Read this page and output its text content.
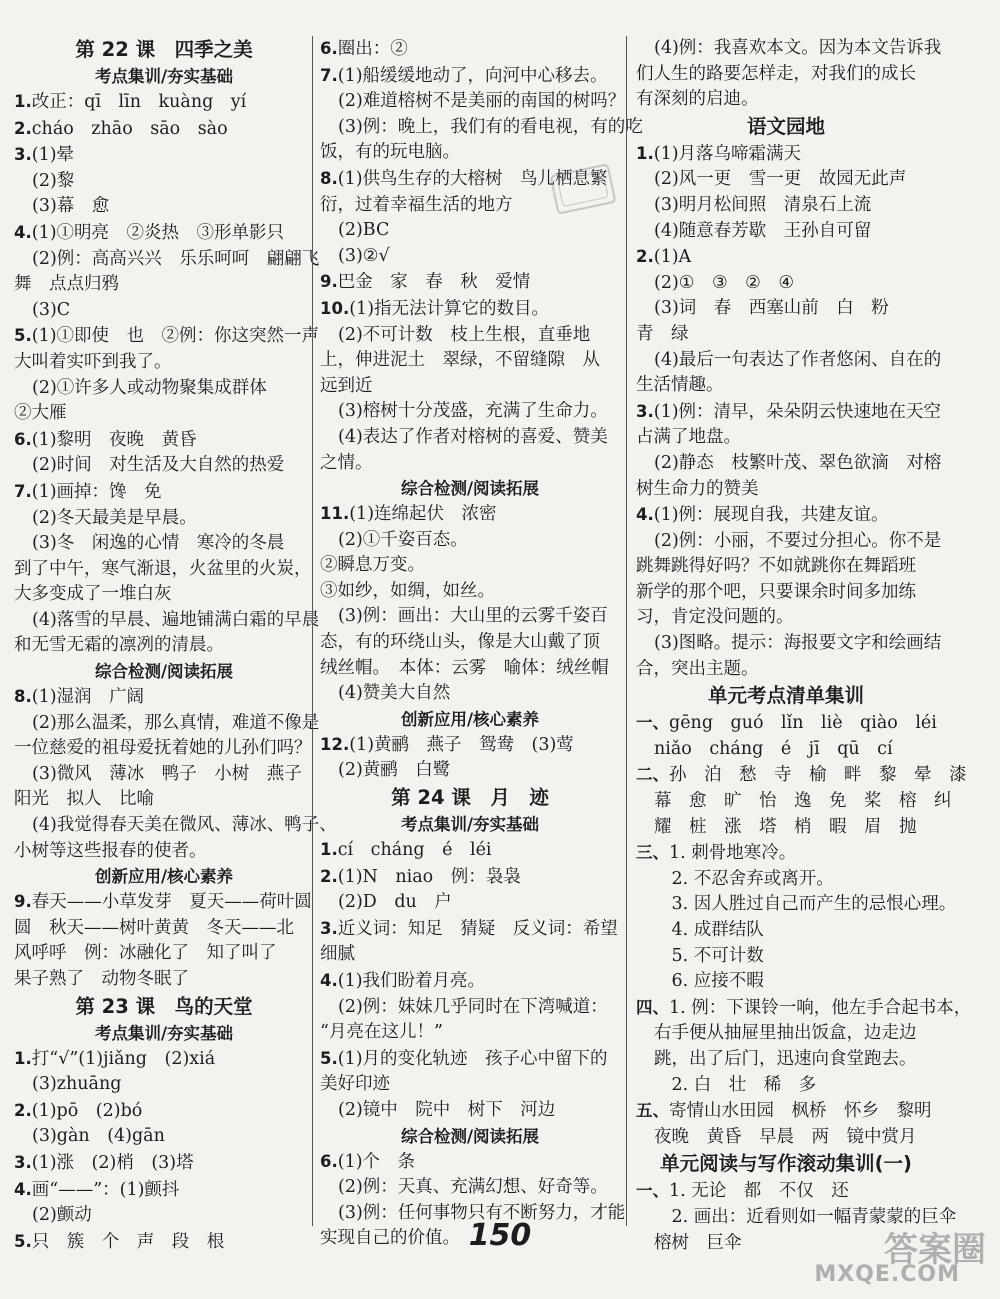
第 22 课　四季之美
考点集训/夯实基础
1.改正：qī　līn　kuàng　yí
2.cháo　zhāo　sāo　sào
3.(1)晕
(2)黎
(3)幕　愈
4.(1)①明亮　②炎热　③形单影只
(2)例：高高兴兴　乐乐呵呵　翩翩飞
舞　点点归鸦
(3)C
5.(1)①即使　也　②例：你这突然一声
大叫着实吓到我了。
(2)①许多人或动物聚集成群体
②大雁
6.(1)黎明　夜晚　黄昏
(2)时间　对生活及大自然的热爱
7.(1)画掉：馋　免
(2)冬天最美是早晨。
(3)冬　闲逸的心情　寒冷的冬晨
到了中午，寒气渐退，火盆里的火炭，
大多变成了一堆白灰
(4)落雪的早晨、遍地铺满白霜的早晨
和无雪无霜的凛冽的清晨。
综合检测/阅读拓展
8.(1)湿润　广阔
(2)那么温柔，那么真情，难道不像是
一位慈爱的祖母爱抚着她的儿孙们吗？
(3)微风　薄冰　鸭子　小树　燕子
阳光　拟人　比喻
(4)我觉得春天美在微风、薄冰、鸭子、
小树等这些报春的使者。
创新应用/核心素养
9.春天——小草发芽　夏天——荷叶圆
圆　秋天——树叶黄黄　冬天——北
风呼呼　例：冰融化了　知了叫了
果子熟了　动物冬眠了
第 23 课　鸟的天堂
考点集训/夯实基础
1.打“√”(1)jiǎng　(2)xiá
(3)zhuāng
2.(1)pō　(2)bó
(3)gàn　(4)gān
3.(1)涨　(2)梢　(3)塔
4.画“——”：(1)颤抖
(2)颤动
5.只　簇　个　声　段　根
6.圈出：②
7.(1)船缓缓地动了，向河中心移去。
(2)难道榕树不是美丽的南国的树吗？
(3)例：晚上，我们有的看电视，有的吃
饭，有的玩电脑。
8.(1)供鸟生存的大榕树　鸟儿栖息繁
衍，过着幸福生活的地方
(2)BC
(3)②√
9.巴金　家　春　秋　爱情
10.(1)指无法计算它的数目。
(2)不可计数　枝上生根，直垂地
上，伸进泥土　翠绿，不留缝隙　从
远到近
(3)榕树十分茂盛，充满了生命力。
(4)表达了作者对榕树的喜爱、赞美
之情。
综合检测/阅读拓展
11.(1)连绵起伏　浓密
(2)①千姿百态。
②瞬息万变。
③如纱，如绸，如丝。
(3)例：画出：大山里的云雾千姿百
态，有的环绕山头，像是大山戴了顶
绒丝帽。　本体：云雾　喻体：绒丝帽
(4)赞美大自然
创新应用/核心素养
12.(1)黄鹂　燕子　鸳鸯　(3)莺
(2)黄鹂　白鹭
第 24 课　月　迹
考点集训/夯实基础
1.cí　cháng　é　léi
2.(1)N　niao　例：袅袅
(2)D　du　户
3.近义词：知足　猜疑　反义词：希望
细腻
4.(1)我们盼着月亮。
(2)例：妹妹几乎同时在下湾喊道：
“月亮在这儿！”
5.(1)月的变化轨迹　孩子心中留下的
美好印迹
(2)镜中　院中　树下　河边
综合检测/阅读拓展
6.(1)个　条
(2)例：天真、充满幻想、好奇等。
(3)例：任何事物只有不断努力，才能
实现自己的价值。
(4)例：我喜欢本文。因为本文告诉我
们人生的路要怎样走，对我们的成长
有深刻的启迪。
语文园地
1.(1)月落乌啼霜满天
(2)风一更　雪一更　故园无此声
(3)明月松间照　清泉石上流
(4)随意春芳歇　王孙自可留
2.(1)A
(2)①　③　②　④
(3)词　春　西塞山前　白　粉
青　绿
(4)最后一句表达了作者悠闲、自在的
生活情趣。
3.(1)例：清早，朵朵阴云快速地在天空
占满了地盘。
(2)静态　枝繁叶茂、翠色欲滴　对榕
树生命力的赞美
4.(1)例：展现自我，共建友谊。
(2)例：小丽，不要过分担心。你不是
跳舞跳得好吗？不如就跳你在舞蹈班
新学的那个吧，只要课余时间多加练
习，肯定没问题的。
(3)图略。提示：海报要文字和绘画结
合，突出主题。
单元考点清单集训
一、gēng　guó　lǐn　liè　qiào　léi
niǎo　cháng　é　jī　qū　cí
二、孙　泊　愁　寺　榆　畔　黎　晕　漆
幕　愈　旷　怡　逸　免　桨　榕　纠
耀　桩　涨　塔　梢　暇　眉　抛
三、1. 刺骨地寒冷。
　2. 不忍舍弃或离开。
　3. 因人胜过自己而产生的忌恨心理。
　4. 成群结队
　5. 不可计数
　6. 应接不暇
四、1. 例：下课铃一响，他左手合起书本，
右手便从抽屉里抽出饭盒，边走边
跳，出了后门，迅速向食堂跑去。
　2. 白　壮　稀　多
五、寄情山水田园　枫桥　怀乡　黎明
夜晚　黄昏　早晨　两　镜中赏月
单元阅读与写作滚动集训(一)
一、1. 无论　都　不仅　还
　2. 画出：近看则如一幅青蒙蒙的巨伞
榕树　巨伞
150	答案圈
MXQE.COM
